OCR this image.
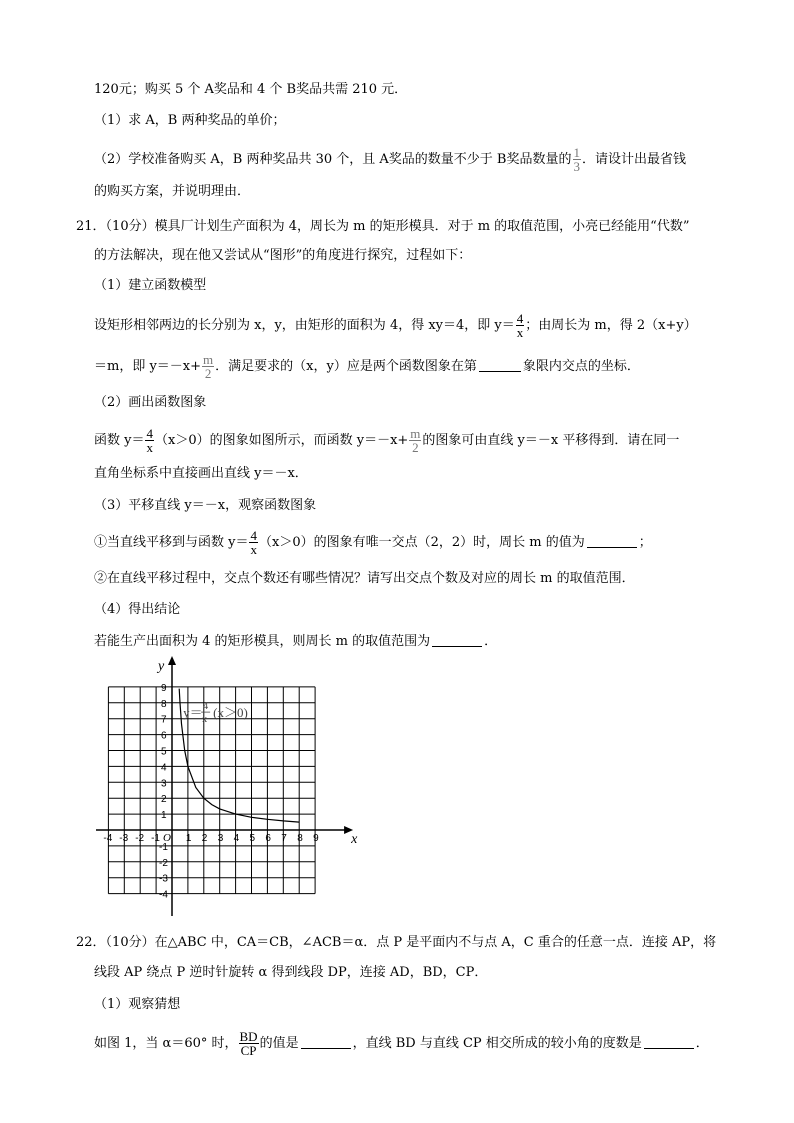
120元；购买 5 个 A奖品和 4 个 B奖品共需 210 元．
（1）求 A，B 两种奖品的单价；
（2）学校准备购买 A，B 两种奖品共 30 个，且 A奖品的数量不少于 B奖品数量的 $\frac{1}{3}$ ．请设计出最省钱
的购买方案，并说明理由．
21．（10分）模具厂计划生产面积为 4，周长为 m 的矩形模具．对于 m 的取值范围，小亮已经能用“代数”
的方法解决，现在他又尝试从“图形”的角度进行探究，过程如下：
（1）建立函数模型
设矩形相邻两边的长分别为 x，y，由矩形的面积为 4，得 xy＝4，即 $y= \frac{4}{x}$ ；由周长为 m，得 2（x+y）
＝m，即 $y=-x+ \frac{m}{2}$ ．满足要求的（x，y）应是两个函数图象在第	象限内交点的坐标．
（2）画出函数图象
函数 $y= \frac{4}{x} (x>0)$的图象如图所示，而函数 $y=-x+ \frac{m}{2}$ 的图象可由直线 y＝－x 平移得到．请在同一
直角坐标系中直接画出直线 y＝－x．
（3）平移直线 y＝－x，观察函数图象
①当直线平移到与函数 $y= \frac{4}{x} (x>0)$的图象有唯一交点（2，2）时，周长 m 的值为	；
②在直线平移过程中，交点个数还有哪些情况？请写出交点个数及对应的周长 m 的取值范围．
（4）得出结论
若能生产出面积为 4 的矩形模具，则周长 m 的取值范围为	．
x
y
O
-4 -3 -2 -1	1 2 3 4 5 6 7 8 9
9
8
7
6
5
4
3
2
1
-1
-2
-3
-4
y＝ 4
x (x＞0)
22．（10分）在△ABC 中，CA＝CB，∠ACB＝α．点 P 是平面内不与点 A，C 重合的任意一点．连接 AP，将
线段 AP 绕点 P 逆时针旋转 α 得到线段 DP，连接 AD，BD，CP．
（1）观察猜想
如图 1，当 α＝60° 时， $\frac{BD}{CP}$ 的值是	，直线 BD 与直线 CP 相交所成的较小角的度数是	．
